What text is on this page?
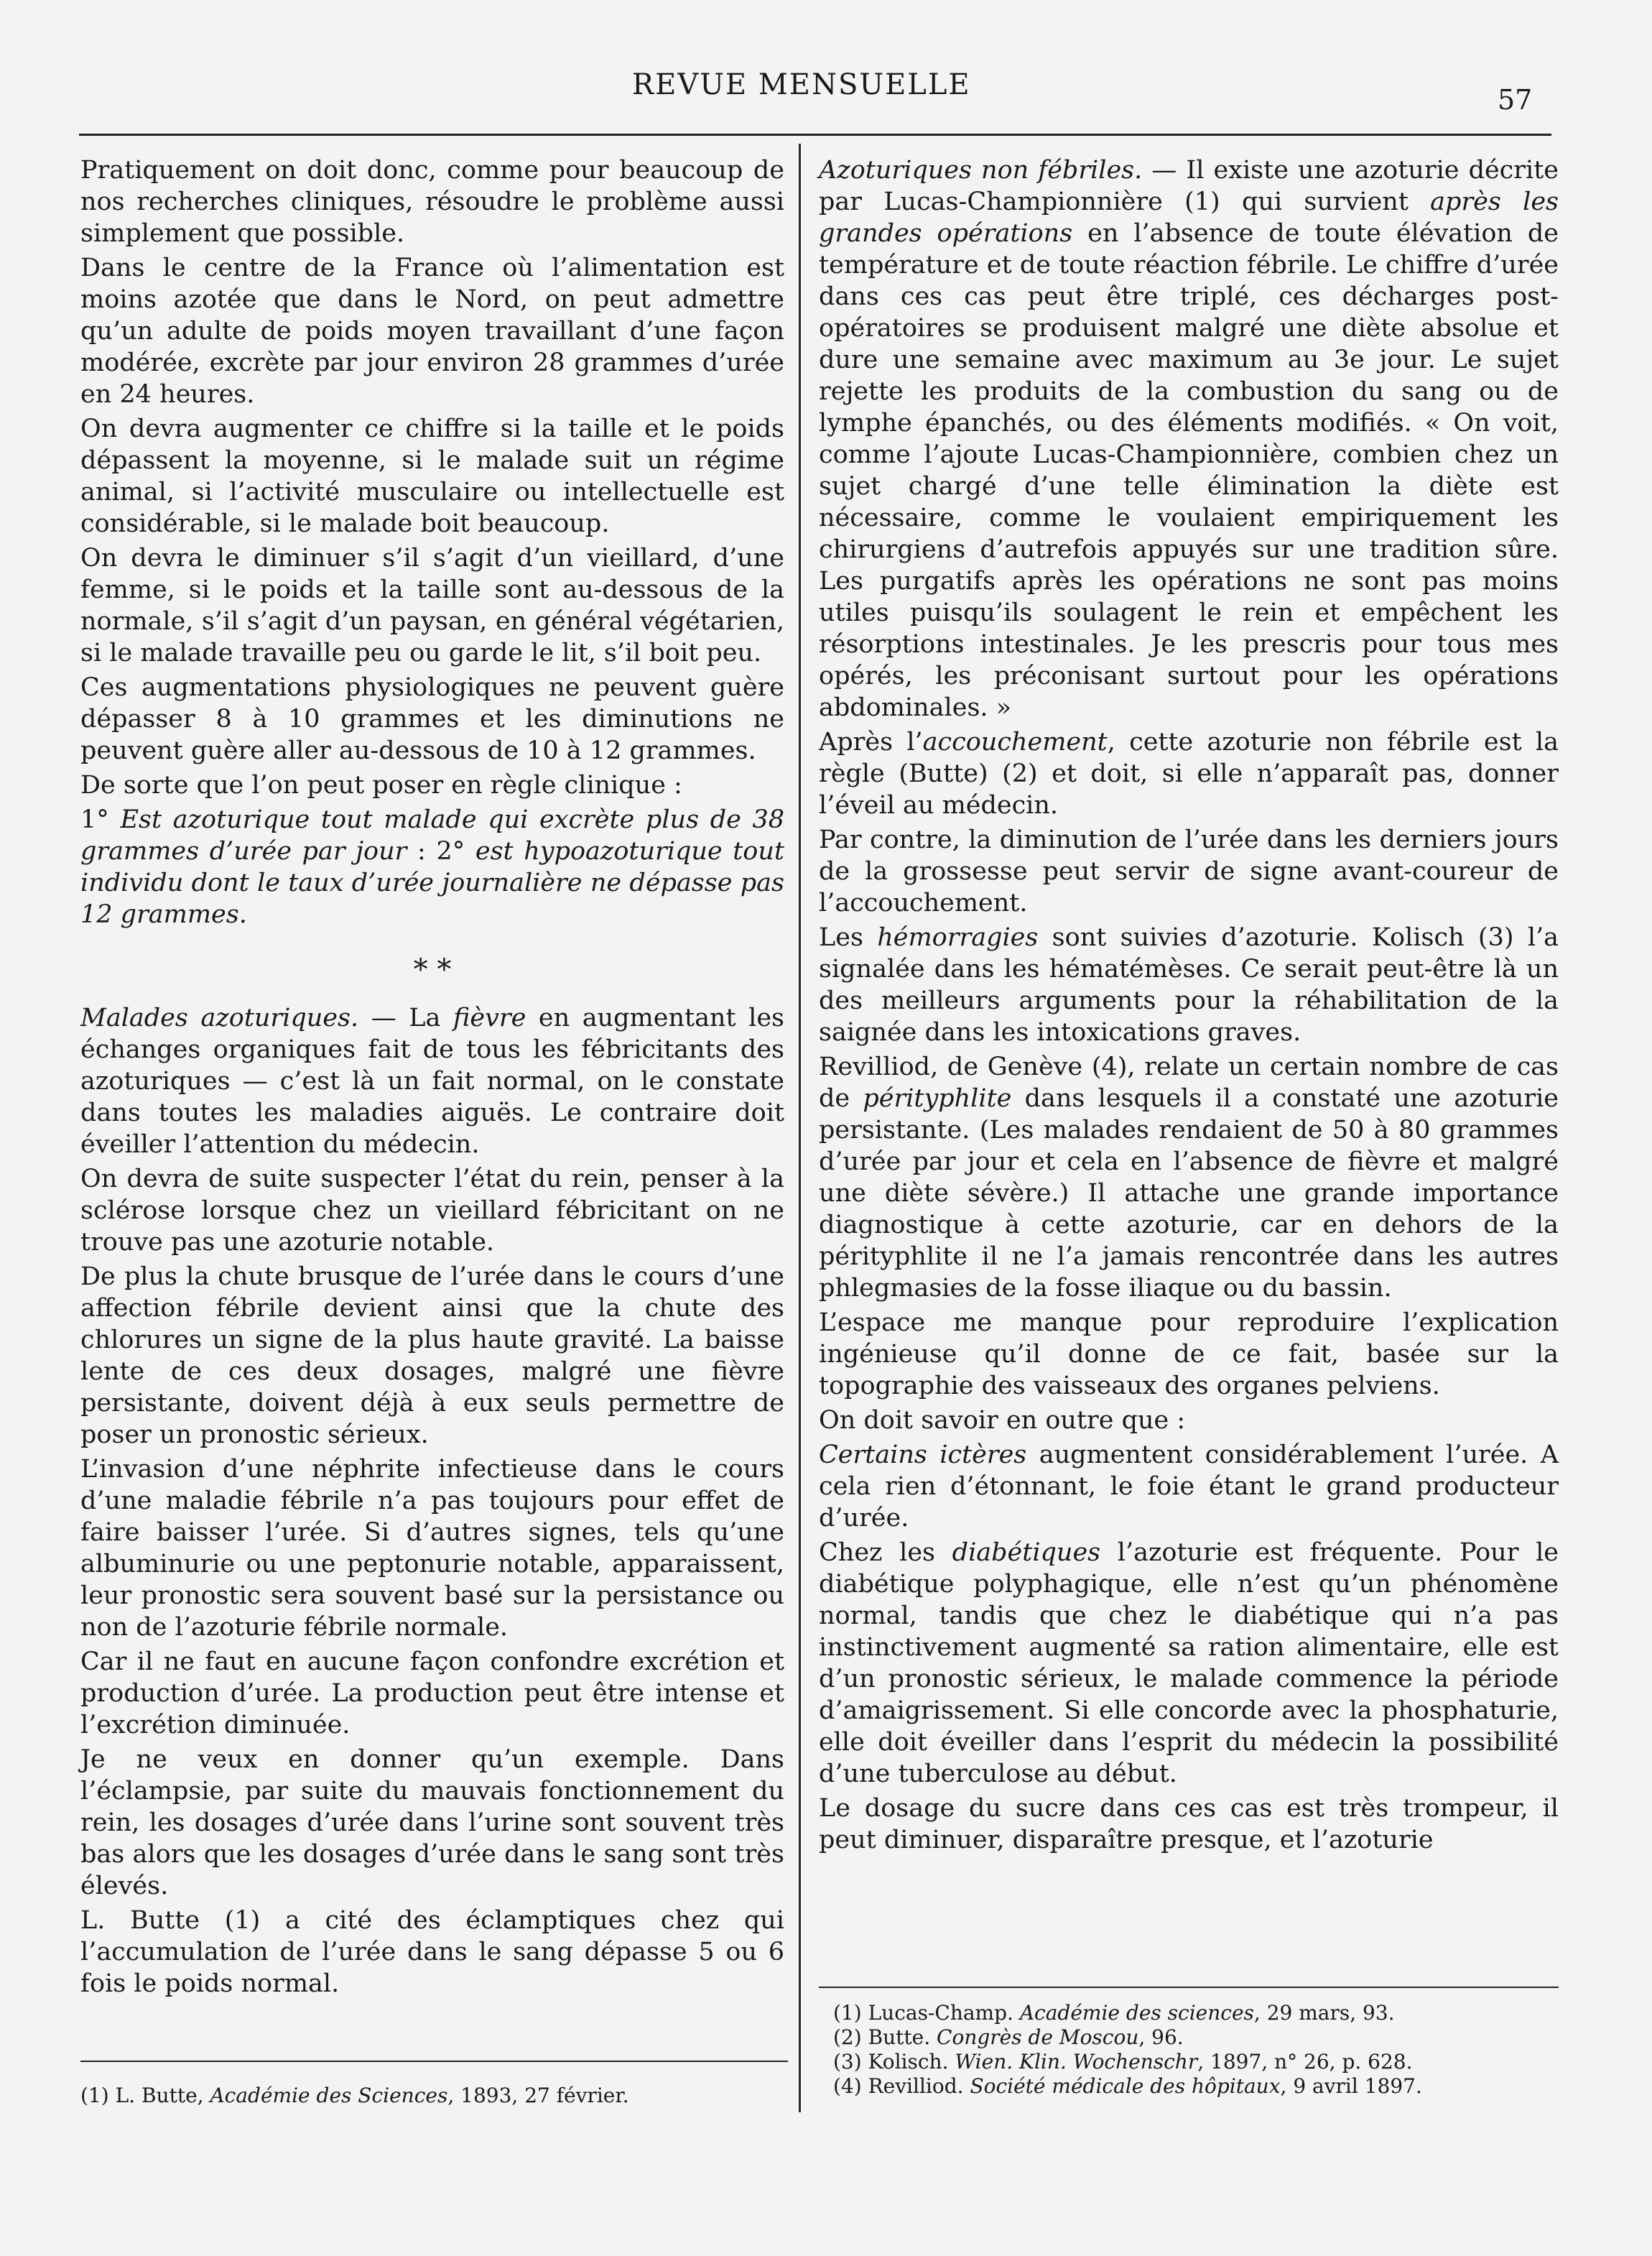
REVUE MENSUELLE	57

Pratiquement on doit donc, comme pour beaucoup de nos recherches cliniques, résoudre le problème aussi simplement que possible.

Dans le centre de la France où l’alimentation est moins azotée que dans le Nord, on peut admettre qu’un adulte de poids moyen travaillant d’une façon modérée, excrète par jour environ 28 grammes d’urée en 24 heures.

On devra augmenter ce chiffre si la taille et le poids dépassent la moyenne, si le malade suit un régime animal, si l’activité musculaire ou intellectuelle est considérable, si le malade boit beaucoup.

On devra le diminuer s’il s’agit d’un vieillard, d’une femme, si le poids et la taille sont au-dessous de la normale, s’il s’agit d’un paysan, en général végétarien, si le malade travaille peu ou garde le lit, s’il boit peu.

Ces augmentations physiologiques ne peuvent guère dépasser 8 à 10 grammes et les diminutions ne peuvent guère aller au-dessous de 10 à 12 grammes.

De sorte que l’on peut poser en règle clinique :

1° Est azoturique tout malade qui excrète plus de 38 grammes d’urée par jour : 2° est hypoazoturique tout individu dont le taux d’urée journalière ne dépasse pas 12 grammes.

* *

Malades azoturiques. — La fièvre en augmentant les échanges organiques fait de tous les fébricitants des azoturiques — c’est là un fait normal, on le constate dans toutes les maladies aiguës. Le contraire doit éveiller l’attention du médecin.

On devra de suite suspecter l’état du rein, penser à la sclérose lorsque chez un vieillard fébricitant on ne trouve pas une azoturie notable.

De plus la chute brusque de l’urée dans le cours d’une affection fébrile devient ainsi que la chute des chlorures un signe de la plus haute gravité. La baisse lente de ces deux dosages, malgré une fièvre persistante, doivent déjà à eux seuls permettre de poser un pronostic sérieux.

L’invasion d’une néphrite infectieuse dans le cours d’une maladie fébrile n’a pas toujours pour effet de faire baisser l’urée. Si d’autres signes, tels qu’une albuminurie ou une peptonurie notable, apparaissent, leur pronostic sera souvent basé sur la persistance ou non de l’azoturie fébrile normale.

Car il ne faut en aucune façon confondre excrétion et production d’urée. La production peut être intense et l’excrétion diminuée.

Je ne veux en donner qu’un exemple. Dans l’éclampsie, par suite du mauvais fonctionnement du rein, les dosages d’urée dans l’urine sont souvent très bas alors que les dosages d’urée dans le sang sont très élevés.

L. Butte (1) a cité des éclamptiques chez qui l’accumulation de l’urée dans le sang dépasse 5 ou 6 fois le poids normal.

(1) L. Butte, Académie des Sciences, 1893, 27 février.

Azoturiques non fébriles. — Il existe une azoturie décrite par Lucas-Championnière (1) qui survient après les grandes opérations en l’absence de toute élévation de température et de toute réaction fébrile. Le chiffre d’urée dans ces cas peut être triplé, ces décharges post-opératoires se produisent malgré une diète absolue et dure une semaine avec maximum au 3e jour. Le sujet rejette les produits de la combustion du sang ou de lymphe épanchés, ou des éléments modifiés. « On voit, comme l’ajoute Lucas-Championnière, combien chez un sujet chargé d’une telle élimination la diète est nécessaire, comme le voulaient empiriquement les chirurgiens d’autrefois appuyés sur une tradition sûre. Les purgatifs après les opérations ne sont pas moins utiles puisqu’ils soulagent le rein et empêchent les résorptions intestinales. Je les prescris pour tous mes opérés, les préconisant surtout pour les opérations abdominales. »

Après l’accouchement, cette azoturie non fébrile est la règle (Butte) (2) et doit, si elle n’apparaît pas, donner l’éveil au médecin.

Par contre, la diminution de l’urée dans les derniers jours de la grossesse peut servir de signe avant-coureur de l’accouchement.

Les hémorragies sont suivies d’azoturie. Kolisch (3) l’a signalée dans les hématémèses. Ce serait peut-être là un des meilleurs arguments pour la réhabilitation de la saignée dans les intoxications graves.

Revilliod, de Genève (4), relate un certain nombre de cas de pérityphlite dans lesquels il a constaté une azoturie persistante. (Les malades rendaient de 50 à 80 grammes d’urée par jour et cela en l’absence de fièvre et malgré une diète sévère.) Il attache une grande importance diagnostique à cette azoturie, car en dehors de la pérityphlite il ne l’a jamais rencontrée dans les autres phlegmasies de la fosse iliaque ou du bassin.

L’espace me manque pour reproduire l’explication ingénieuse qu’il donne de ce fait, basée sur la topographie des vaisseaux des organes pelviens.

On doit savoir en outre que :

Certains ictères augmentent considérablement l’urée. A cela rien d’étonnant, le foie étant le grand producteur d’urée.

Chez les diabétiques l’azoturie est fréquente. Pour le diabétique polyphagique, elle n’est qu’un phénomène normal, tandis que chez le diabétique qui n’a pas instinctivement augmenté sa ration alimentaire, elle est d’un pronostic sérieux, le malade commence la période d’amaigrissement. Si elle concorde avec la phosphaturie, elle doit éveiller dans l’esprit du médecin la possibilité d’une tuberculose au début.

Le dosage du sucre dans ces cas est très trompeur, il peut diminuer, disparaître presque, et l’azoturie

(1) Lucas-Champ. Académie des sciences, 29 mars, 93.
(2) Butte. Congrès de Moscou, 96.
(3) Kolisch. Wien. Klin. Wochenschr, 1897, n° 26, p. 628.
(4) Revilliod. Société médicale des hôpitaux, 9 avril 1897.
